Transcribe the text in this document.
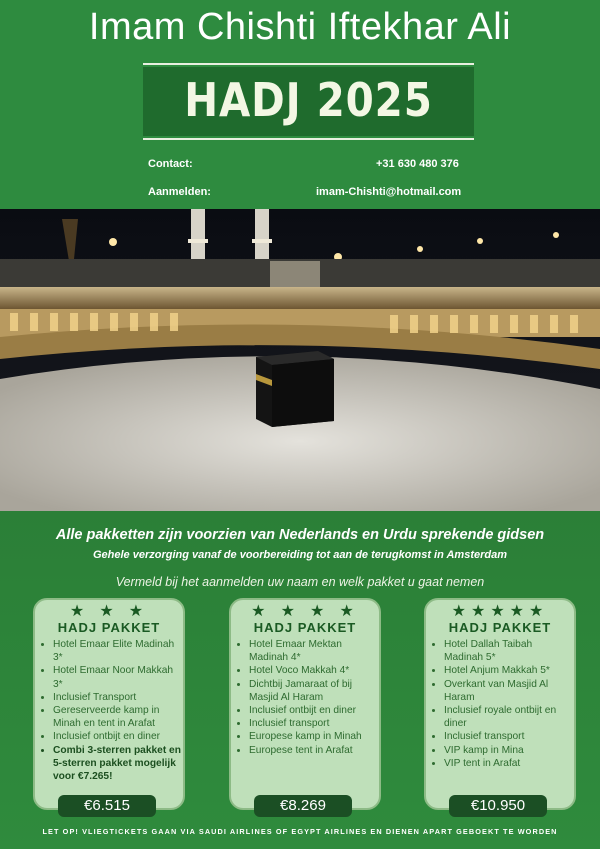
Imam Chishti Iftekhar Ali
HADJ 2025
Contact:	+31 630 480 376
Aanmelden:	imam-Chishti@hotmail.com
Alle pakketten zijn voorzien van Nederlands en Urdu sprekende gidsen
Gehele verzorging vanaf de voorbereiding tot aan de terugkomst in Amsterdam
Vermeld bij het aanmelden uw naam en welk pakket u gaat nemen
★ ★ ★
HADJ PAKKET
• Hotel Emaar Elite Madinah 3*
• Hotel Emaar Noor Makkah 3*
• Inclusief Transport
• Gereserveerde kamp in Minah en tent in Arafat
• Inclusief ontbijt en diner
• Combi 3-sterren pakket en 5-sterren pakket mogelijk voor €7.265!
€6.515
★ ★ ★ ★
HADJ PAKKET
• Hotel Emaar Mektan Madinah 4*
• Hotel Voco Makkah 4*
• Dichtbij Jamaraat of bij Masjid Al Haram
• Inclusief ontbijt en diner
• Inclusief transport
• Europese kamp in Minah
• Europese tent in Arafat
€8.269
★★★★★
HADJ PAKKET
• Hotel Dallah Taibah Madinah 5*
• Hotel Anjum Makkah 5*
• Overkant van Masjid Al Haram
• Inclusief royale ontbijt en diner
• Inclusief transport
• VIP kamp in Mina
• VIP tent in Arafat
€10.950
LET OP! VLIEGTICKETS GAAN VIA SAUDI AIRLINES OF EGYPT AIRLINES EN DIENEN APART GEBOEKT TE WORDEN
